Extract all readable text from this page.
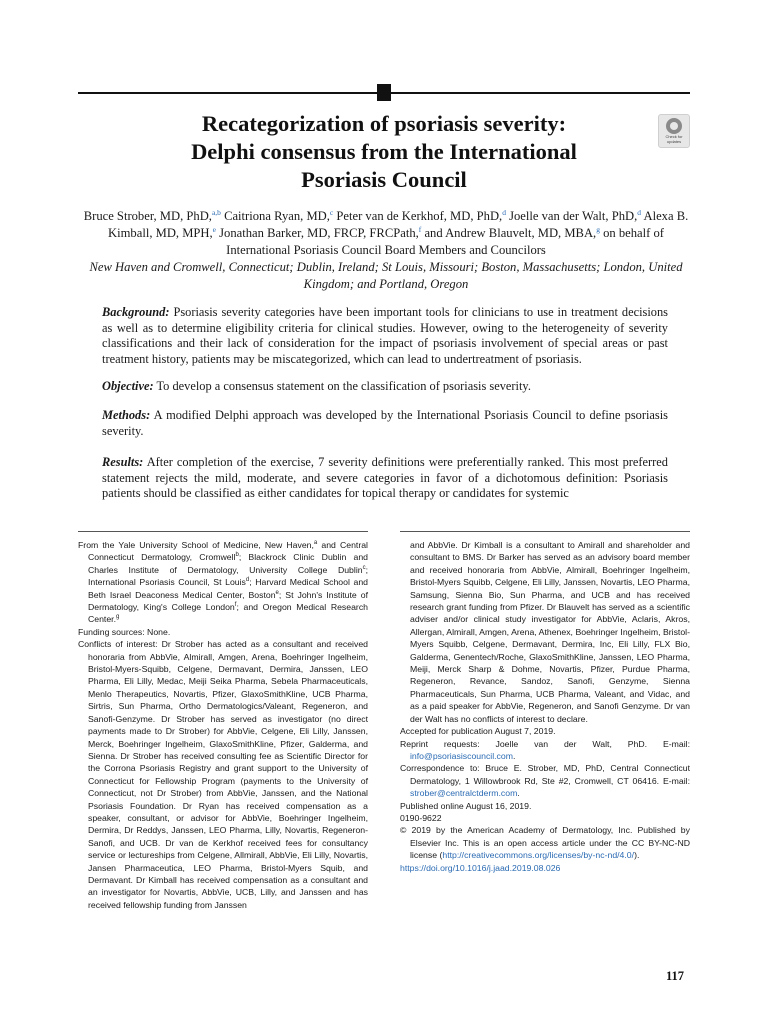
Recategorization of psoriasis severity:
Delphi consensus from the International
Psoriasis Council
Check for
updates

Bruce Strober, MD, PhD,$^{a,b}$ Caitriona Ryan, MD,$^c$ Peter van de Kerkhof, MD, PhD,$^d$ Joelle van der Walt, PhD,$^d$ Alexa B. Kimball, MD, MPH,$^e$ Jonathan Barker, MD, FRCP, FRCPath,$^f$ and Andrew Blauvelt, MD, MBA,$^g$ on behalf of International Psoriasis Council Board Members and Councilors

New Haven and Cromwell, Connecticut; Dublin, Ireland; St Louis, Missouri; Boston, Massachusetts; London, United Kingdom; and Portland, Oregon

Background: Psoriasis severity categories have been important tools for clinicians to use in treatment decisions as well as to determine eligibility criteria for clinical studies. However, owing to the heterogeneity of severity classifications and their lack of consideration for the impact of psoriasis involvement of special areas or past treatment history, patients may be miscategorized, which can lead to undertreatment of psoriasis.

Objective: To develop a consensus statement on the classification of psoriasis severity.

Methods: A modified Delphi approach was developed by the International Psoriasis Council to define psoriasis severity.

Results: After completion of the exercise, 7 severity definitions were preferentially ranked. This most preferred statement rejects the mild, moderate, and severe categories in favor of a dichotomous definition: Psoriasis patients should be classified as either candidates for topical therapy or candidates for systemic

From the Yale University School of Medicine, New Haven,$^a$ and Central Connecticut Dermatology, Cromwell$^b$; Blackrock Clinic Dublin and Charles Institute of Dermatology, University College Dublin$^c$; International Psoriasis Council, St Louis$^d$; Harvard Medical School and Beth Israel Deaconess Medical Center, Boston$^e$; St John's Institute of Dermatology, King's College London$^f$; and Oregon Medical Research Center.$^g$

Funding sources: None.

Conflicts of interest: Dr Strober has acted as a consultant and received honoraria from AbbVie, Almirall, Amgen, Arena, Boehringer Ingelheim, Bristol-Myers-Squibb, Celgene, Dermavant, Dermira, Janssen, LEO Pharma, Eli Lilly, Medac, Meiji Seika Pharma, Sebela Pharmaceuticals, Menlo Therapeutics, Novartis, Pfizer, GlaxoSmithKline, UCB Pharma, Sirtris, Sun Pharma, Ortho Dermatologics/Valeant, Regeneron, and Sanofi-Genzyme. Dr Strober has served as investigator (no direct payments made to Dr Strober) for AbbVie, Celgene, Eli Lilly, Janssen, Merck, Boehringer Ingelheim, GlaxoSmithKline, Pfizer, Galderma, and Sienna. Dr Strober has received consulting fee as Scientific Director for the Corrona Psoriasis Registry and grant support to the University of Connecticut for Fellowship Program (payments to the University of Connecticut, not Dr Strober) from AbbVie, Janssen, and the National Psoriasis Foundation. Dr Ryan has received compensation as a speaker, consultant, or advisor for AbbVie, Boehringer Ingelheim, Dermira, Dr Reddys, Janssen, LEO Pharma, Lilly, Novartis, Regeneron-Sanofi, and UCB. Dr van de Kerkhof received fees for consultancy service or lectureships from Celgene, Allmirall, AbbVie, Eli Lilly, Novartis, Jansen Pharmaceutica, LEO Pharma, Bristol-Myers Squib, and Dermavant. Dr Kimball has received compensation as a consultant and an investigator for Novartis, AbbVie, UCB, Lilly, and Janssen and has received fellowship funding from Janssen

and AbbVie. Dr Kimball is a consultant to Amirall and shareholder and consultant to BMS. Dr Barker has served as an advisory board member and received honoraria from AbbVie, Almirall, Boehringer Ingelheim, Bristol-Myers Squibb, Celgene, Eli Lilly, Janssen, Novartis, LEO Pharma, Samsung, Sienna Bio, Sun Pharma, and UCB and has received research grant funding from Pfizer. Dr Blauvelt has served as a scientific adviser and/or clinical study investigator for AbbVie, Aclaris, Akros, Allergan, Almirall, Amgen, Arena, Athenex, Boehringer Ingelheim, Bristol-Myers Squibb, Celgene, Dermavant, Dermira, Inc, Eli Lilly, FLX Bio, Galderma, Genentech/Roche, GlaxoSmithKline, Janssen, LEO Pharma, Meiji, Merck Sharp & Dohme, Novartis, Pfizer, Purdue Pharma, Regeneron, Revance, Sandoz, Sanofi, Genzyme, Sienna Pharmaceuticals, Sun Pharma, UCB Pharma, Valeant, and Vidac, and as a paid speaker for AbbVie, Regeneron, and Sanofi Genzyme. Dr van der Walt has no conflicts of interest to declare.

Accepted for publication August 7, 2019.

Reprint requests: Joelle van der Walt, PhD. E-mail: info@psoriasiscouncil.com.

Correspondence to: Bruce E. Strober, MD, PhD, Central Connecticut Dermatology, 1 Willowbrook Rd, Ste #2, Cromwell, CT 06416. E-mail: strober@centralctderm.com.

Published online August 16, 2019.

0190-9622

© 2019 by the American Academy of Dermatology, Inc. Published by Elsevier Inc. This is an open access article under the CC BY-NC-ND license (http://creativecommons.org/licenses/by-nc-nd/4.0/).

https://doi.org/10.1016/j.jaad.2019.08.026

117
